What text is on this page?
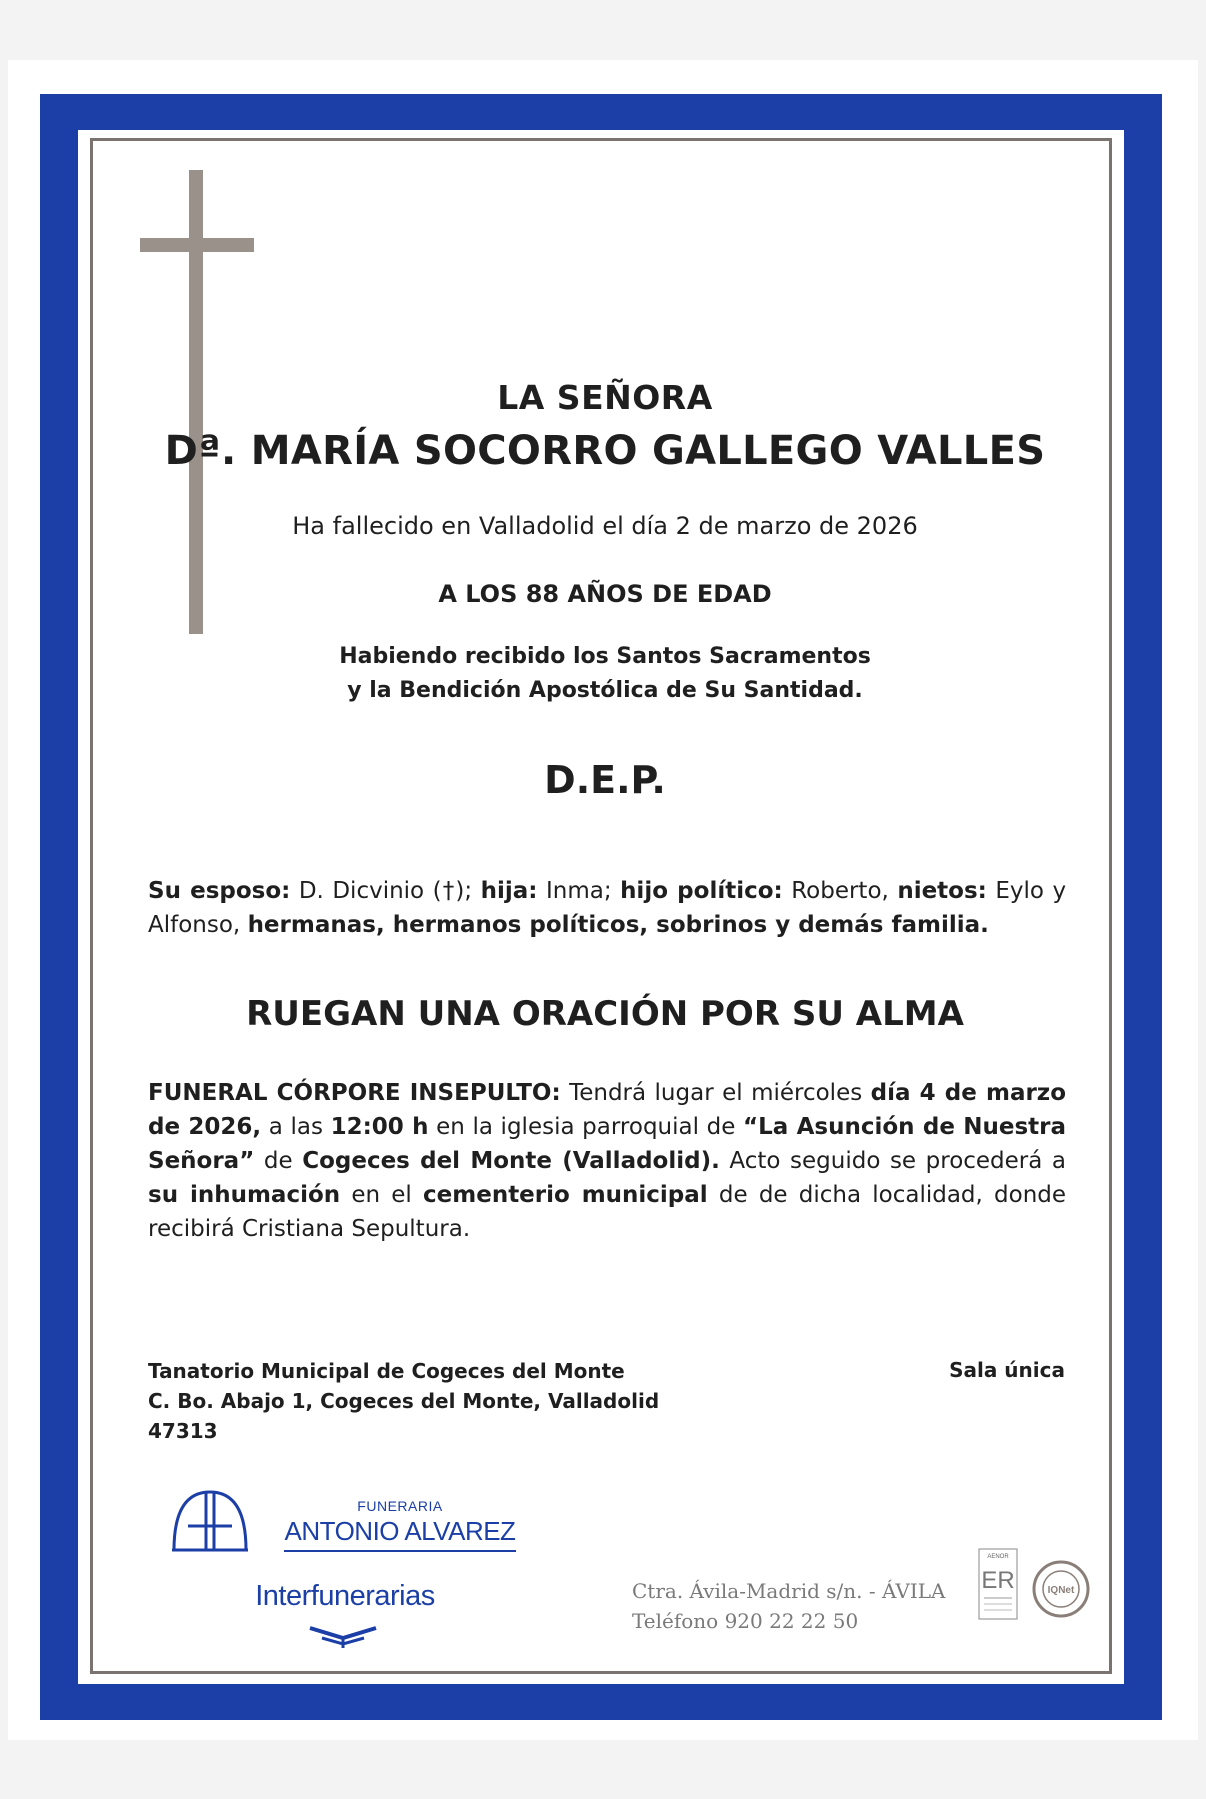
LA SEÑORA
Dª. MARÍA SOCORRO GALLEGO VALLES
Ha fallecido en Valladolid el día 2 de marzo de 2026
A LOS 88 AÑOS DE EDAD
Habiendo recibido los Santos Sacramentos
y la Bendición Apostólica de Su Santidad.
D.E.P.
Su esposo: D. Dicvinio (†); hija: Inma; hijo político: Roberto, nietos: Eylo y Alfonso, hermanas, hermanos políticos, sobrinos y demás familia.
RUEGAN UNA ORACIÓN POR SU ALMA
FUNERAL CÓRPORE INSEPULTO: Tendrá lugar el miércoles día 4 de marzo de 2026, a las 12:00 h en la iglesia parroquial de “La Asunción de Nuestra Señora” de Cogeces del Monte (Valladolid). Acto seguido se procederá a su inhumación en el cementerio municipal de de dicha localidad, donde recibirá Cristiana Sepultura.
Tanatorio Municipal de Cogeces del Monte
C. Bo. Abajo 1, Cogeces del Monte, Valladolid
47313
Sala única
FUNERARIA
ANTONIO ALVAREZ
Interfunerarias	Ctra. Ávila-Madrid s/n. - ÁVILA
Teléfono 920 22 22 50
AENOR
ER	IQNet
